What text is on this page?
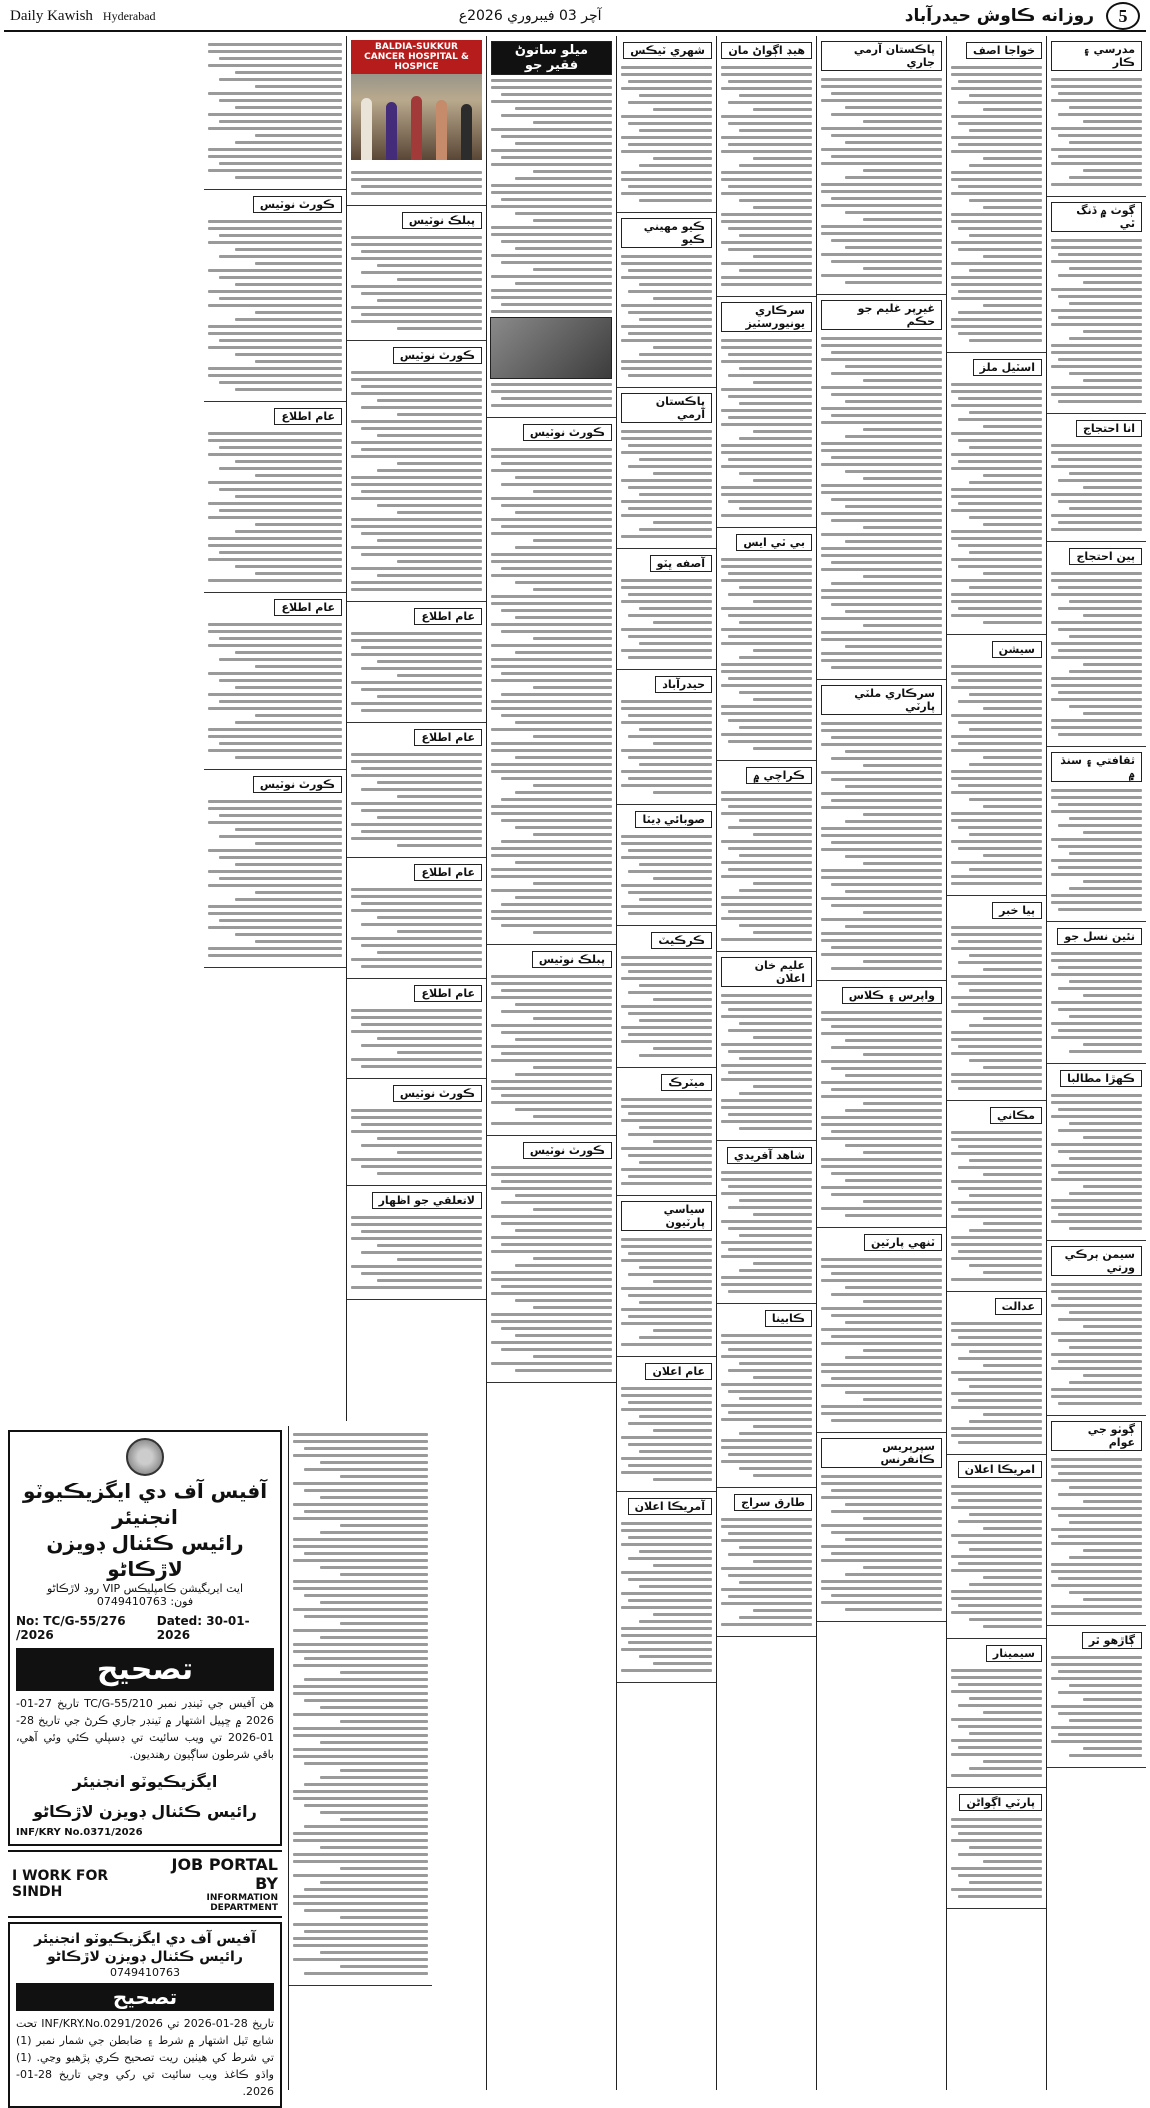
Daily Kawish Hyderabad	آچر 03 فيبروري 2026ع	5
روزانه ڪاوش حيدرآباد
مدرسي ۽ ڪار
ڳوٺ ۾ ڏنگ ٿي
انا احتجاج
ٻين احتجاج
ثقافتي ۽ سنڌ ۾
نئين نسل جو
ڪهڙا مطالبا
سيمن ٻرڪي ورتي
ڳوٺو جي عوام
ڳاڙهو ٿر
خواجا اصف
اسٽيل ملز
سيشن
ٻيا خبر
مڪاني
عدالت
امريڪا اعلان
سيمينار
پارٽي اڳواڻن
پاڪستان آرمي جاري
غيرپر غليم جو حڪم
سرڪاري ملٽي پارٽي
واپرس ۽ ڪلاس
ٽنهي پارٽين
سپرپريس ڪانفرنس
هيڊ اڳواڻ مان
سرڪاري يونيورسٽيز
بي ٽي ايس
ڪراچي ۾
عليم خان اعلان
شاهد آفريدي
ڪابينا
طارق سراج
شهري ٽيڪس
ڪيو مهيني ڪيو
پاڪستان آرمي
آصفه ڀٽو
حيدرآباد
صوبائي ڊيٽا
ڪرڪيٽ
ميٽرڪ
سياسي پارٽيون
عام اعلان
آمريڪا اعلان
ميلو ساتوڻ فقير جو
ڪورٽ نوٽيس
پبلڪ نوٽيس
ڪورٽ نوٽيس
BALDIA-SUKKUR CANCER HOSPITAL & HOSPICE
پبلڪ نوٽيس
ڪورٽ نوٽيس
عام اطلاع
عام اطلاع
عام اطلاع
عام اطلاع
ڪورٽ نوٽيس
لاتعلقي جو اظهار
ڪورٽ نوٽيس
عام اطلاع
عام اطلاع
ڪورٽ نوٽيس
آفيس آف دي ايگزيڪيوٽو انجنيئر
رائيس ڪئنال ڊويزن لاڙڪاڻو
ايٽ ايريگيشن ڪامپليڪس VIP روڊ لاڙڪاڻو
فون: 0749410763
No: TC/G-55/276 /2026
Dated: 30-01-2026
تصحيح
هن آفيس جي ٽينڊر نمبر TC/G-55/210 تاريخ 27-01-2026 ۾ ڇپيل اشتهار ۾ ٽينڊر جاري ڪرڻ جي تاريخ 28-01-2026 تي ويب سائيٽ تي ڊسپلي ڪئي وئي آهي، باقي شرطون ساڳيون رهنديون.
ايگزيڪيوٽو انجنيئر
رائيس ڪئنال ڊويزن لاڙڪاڻو
INF/KRY No.0371/2026
I WORK FOR SINDH
JOB PORTAL BY
INFORMATION DEPARTMENT
آفيس آف دي ايگزيڪيوٽو انجنيئر
رائيس ڪئنال ڊويزن لاڙڪاڻو
0749410763
تصحيح
تاريخ 28-01-2026 تي INF/KRY.No.0291/2026 تحت شايع ٿيل اشتهار ۾ شرط ۽ ضابطن جي شمار نمبر (1) تي شرط کي هيٺين ريت تصحيح ڪري پڙهيو وڃي. (1) واڌو ڪاغذ ويب سائيٽ تي رکي وڃي تاريخ 28-01-2026.
